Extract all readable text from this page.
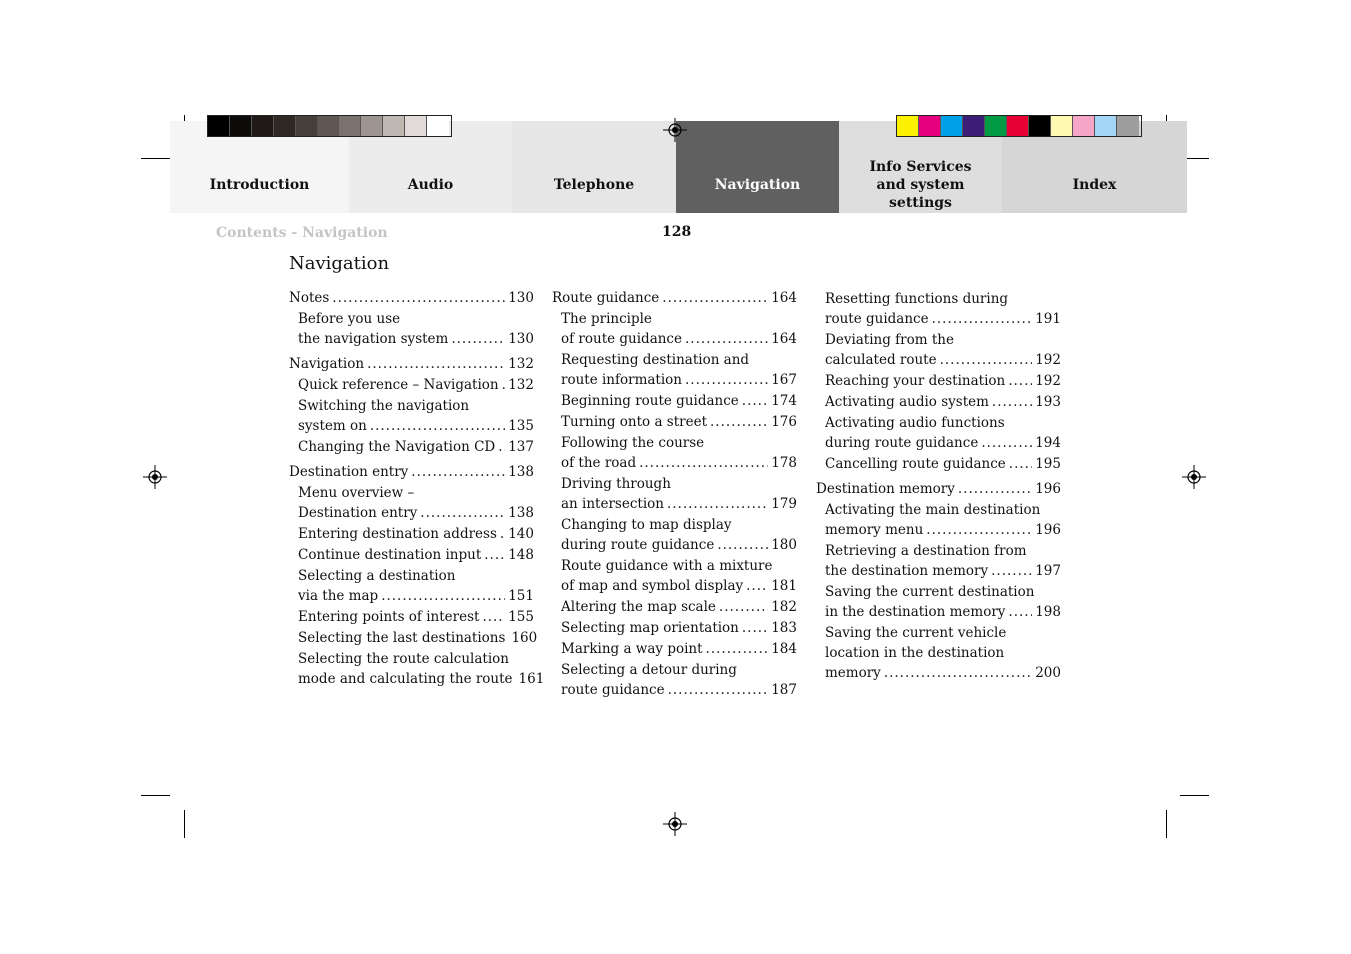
Introduction	Audio	Telephone	Navigation
Info Services and system settings
Index
Contents - Navigation	128
Navigation
Notes .....	130
Before you use
the navigation system .....	130
Navigation .....	132
Quick reference – Navigation ..... 132
Switching the navigation
system on .....	135
Changing the Navigation CD ..... 137
Destination entry .....	138
Menu overview –
Destination entry .....	138
Entering destination address ..... 140
Continue destination input ..... 148
Selecting a destination
via the map .....	151
Entering points of interest ..... 155
Selecting the last destinations 160
Selecting the route calculation
mode and calculating the route 161
Route guidance .....	164
The principle
of route guidance .....	164
Requesting destination and
route information .....	167
Beginning route guidance ..... 174
Turning onto a street .....	176
Following the course
of the road .....	178
Driving through
an intersection .....	179
Changing to map display
during route guidance .....	180
Route guidance with a mixture
of map and symbol display ..... 181
Altering the map scale .....	182
Selecting map orientation ..... 183
Marking a way point .....	184
Selecting a detour during
route guidance .....	187
Resetting functions during
route guidance .....	191
Deviating from the
calculated route .....	192
Reaching your destination ..... 192
Activating audio system .....	193
Activating audio functions
during route guidance .....	194
Cancelling route guidance ..... 195
Destination memory .....	196
Activating the main destination
memory menu .....	196
Retrieving a destination from
the destination memory .....	197
Saving the current destination
in the destination memory ..... 198
Saving the current vehicle
location in the destination
memory .....	200
